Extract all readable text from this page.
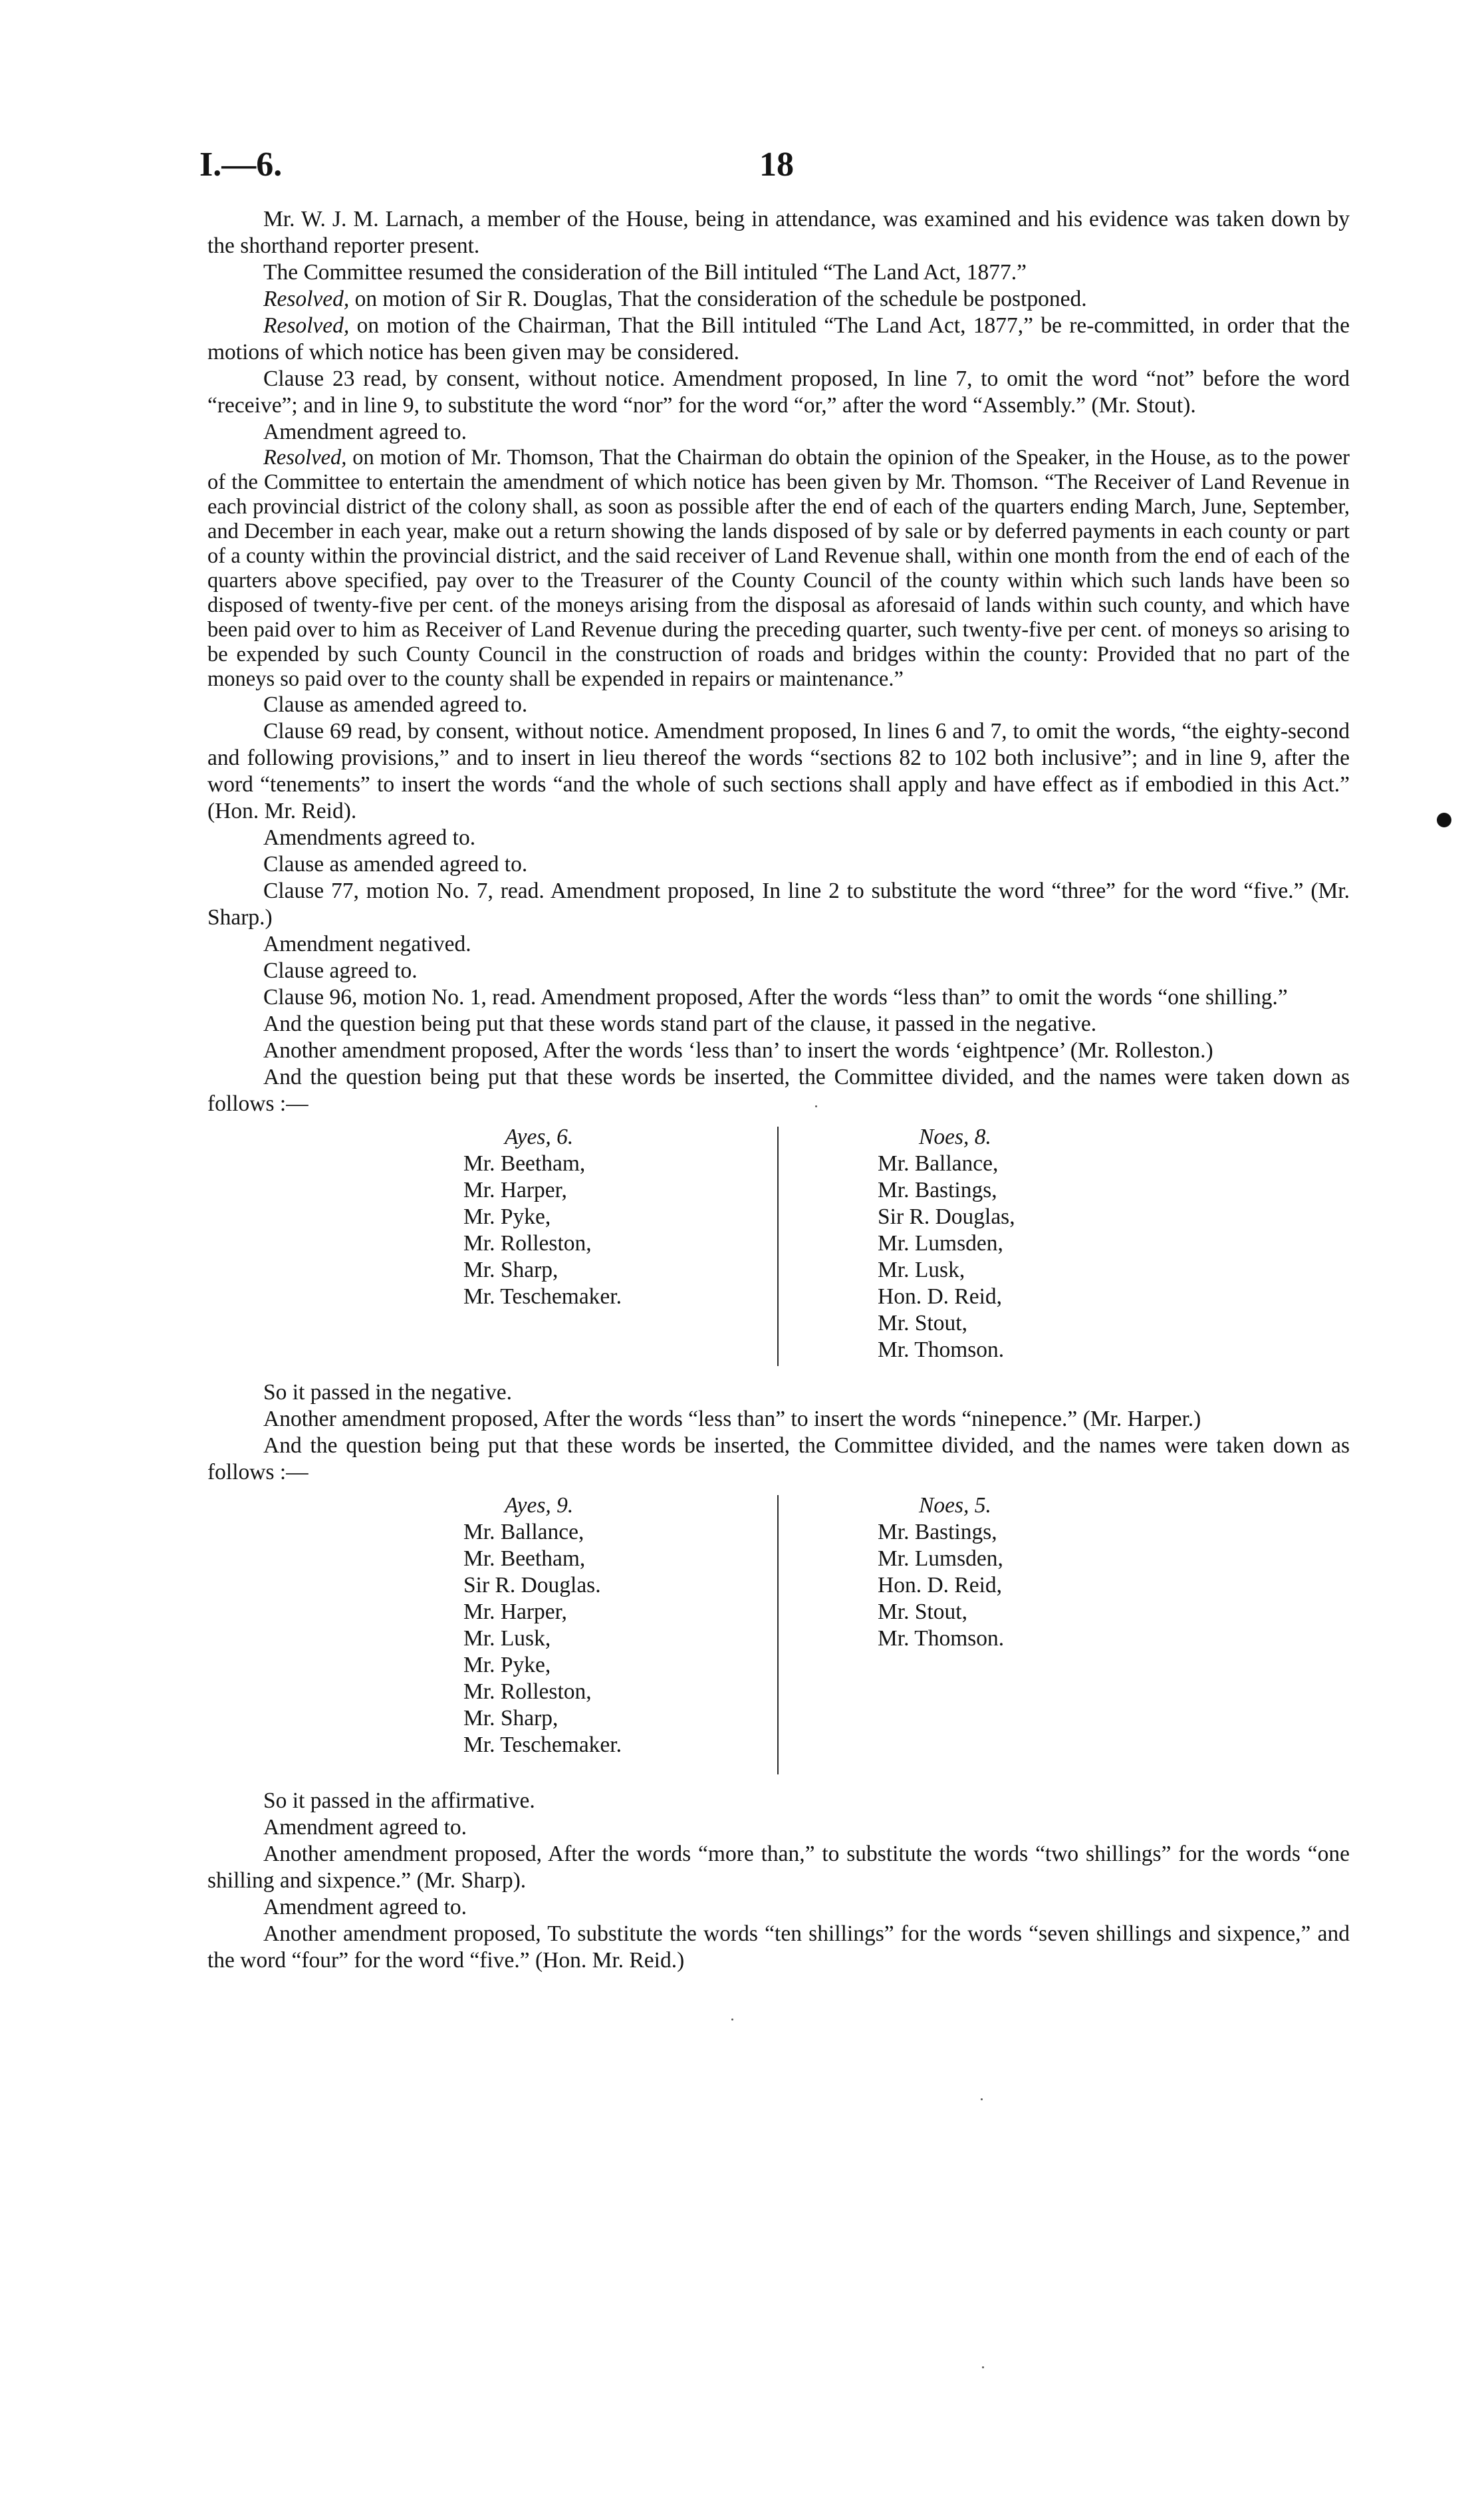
I.—6.	18

Mr. W. J. M. Larnach, a member of the House, being in attendance, was examined and his evidence was taken down by the shorthand reporter present.

The Committee resumed the consideration of the Bill intituled “The Land Act, 1877.”

Resolved, on motion of Sir R. Douglas, That the consideration of the schedule be postponed.

Resolved, on motion of the Chairman, That the Bill intituled “The Land Act, 1877,” be re-committed, in order that the motions of which notice has been given may be considered.

Clause 23 read, by consent, without notice. Amendment proposed, In line 7, to omit the word “not” before the word “receive”; and in line 9, to substitute the word “nor” for the word “or,” after the word “Assembly.” (Mr. Stout).

Amendment agreed to.

Resolved, on motion of Mr. Thomson, That the Chairman do obtain the opinion of the Speaker, in the House, as to the power of the Committee to entertain the amendment of which notice has been given by Mr. Thomson. “The Receiver of Land Revenue in each provincial district of the colony shall, as soon as possible after the end of each of the quarters ending March, June, September, and December in each year, make out a return showing the lands disposed of by sale or by deferred payments in each county or part of a county within the provincial district, and the said receiver of Land Revenue shall, within one month from the end of each of the quarters above specified, pay over to the Treasurer of the County Council of the county within which such lands have been so disposed of twenty-five per cent. of the moneys arising from the disposal as aforesaid of lands within such county, and which have been paid over to him as Receiver of Land Revenue during the preceding quarter, such twenty-five per cent. of moneys so arising to be expended by such County Council in the construction of roads and bridges within the county: Provided that no part of the moneys so paid over to the county shall be expended in repairs or maintenance.”

Clause as amended agreed to.

Clause 69 read, by consent, without notice. Amendment proposed, In lines 6 and 7, to omit the words, “the eighty-second and following provisions,” and to insert in lieu thereof the words “sections 82 to 102 both inclusive”; and in line 9, after the word “tenements” to insert the words “and the whole of such sections shall apply and have effect as if embodied in this Act.” (Hon. Mr. Reid).

Amendments agreed to.

Clause as amended agreed to.

Clause 77, motion No. 7, read. Amendment proposed, In line 2 to substitute the word “three” for the word “five.” (Mr. Sharp.)

Amendment negatived.

Clause agreed to.

Clause 96, motion No. 1, read. Amendment proposed, After the words “less than” to omit the words “one shilling.”

And the question being put that these words stand part of the clause, it passed in the negative.

Another amendment proposed, After the words ‘less than’ to insert the words ‘eightpence’ (Mr. Rolleston.)

And the question being put that these words be inserted, the Committee divided, and the names were taken down as follows :—

Ayes, 6.
Mr. Beetham,
Mr. Harper,
Mr. Pyke,
Mr. Rolleston,
Mr. Sharp,
Mr. Teschemaker.
Noes, 8.
Mr. Ballance,
Mr. Bastings,
Sir R. Douglas,
Mr. Lumsden,
Mr. Lusk,
Hon. D. Reid,
Mr. Stout,
Mr. Thomson.

So it passed in the negative.

Another amendment proposed, After the words “less than” to insert the words “ninepence.” (Mr. Harper.)

And the question being put that these words be inserted, the Committee divided, and the names were taken down as follows :—

Ayes, 9.
Mr. Ballance,
Mr. Beetham,
Sir R. Douglas.
Mr. Harper,
Mr. Lusk,
Mr. Pyke,
Mr. Rolleston,
Mr. Sharp,
Mr. Teschemaker.
Noes, 5.
Mr. Bastings,
Mr. Lumsden,
Hon. D. Reid,
Mr. Stout,
Mr. Thomson.

So it passed in the affirmative.

Amendment agreed to.

Another amendment proposed, After the words “more than,” to substitute the words “two shillings” for the words “one shilling and sixpence.” (Mr. Sharp).

Amendment agreed to.

Another amendment proposed, To substitute the words “ten shillings” for the words “seven shillings and sixpence,” and the word “four” for the word “five.” (Hon. Mr. Reid.)
